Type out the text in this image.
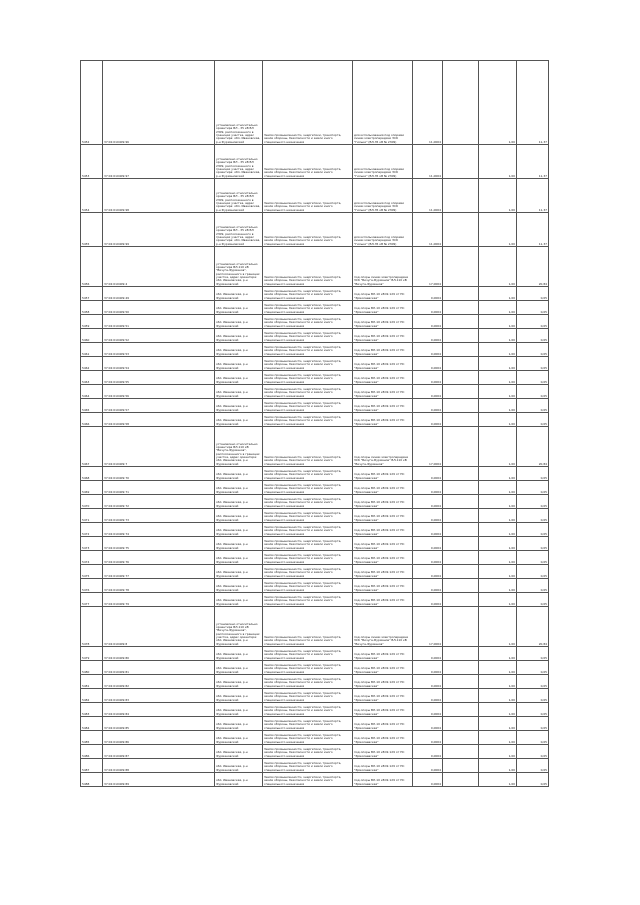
5452	37:02:010409:96	установлено относительно ориентира ВЛ - 35 кВ ВЛ 2309, расположенного в границах участка, адрес ориентира: обл. Ивановская, р-н Фурмановский	Земли промышленности, энергетики, транспорта, земли обороны, безопасности и земли иного специального назначения	для использования под опорами линии электропередачи ЗСК "Гильки" (ВЛ-35 кВ № 2309)	11,0004		1,00	11,37
5453	37:02:010409:97	установлено относительно ориентира ВЛ - 35 кВ ВЛ 2309, расположенного в границах участка, адрес ориентира: обл. Ивановская, р-н Фурмановский	Земли промышленности, энергетики, транспорта, земли обороны, безопасности и земли иного специального назначения	для использования под опорами линии электропередачи ЗСК "Гильки" (ВЛ-35 кВ № 2309)	11,0004		1,00	11,37
5454	37:02:010409:98	установлено относительно ориентира ВЛ - 35 кВ ВЛ 2309, расположенного в границах участка, адрес ориентира: обл. Ивановская, р-н Фурмановский	Земли промышленности, энергетики, транспорта, земли обороны, безопасности и земли иного специального назначения	для использования под опорами линии электропередачи ЗСК "Гильки" (ВЛ-35 кВ № 2309)	11,0004		1,00	11,37
5455	37:02:010409:99	установлено относительно ориентира ВЛ - 35 кВ ВЛ 2309, расположенного в границах участка, адрес ориентира: обл. Ивановская, р-н Фурмановский	Земли промышленности, энергетики, транспорта, земли обороны, безопасности и земли иного специального назначения	для использования под опорами линии электропередачи ЗСК "Гильки" (ВЛ-35 кВ № 2309)	11,0004		1,00	11,37
5456	37:02:010409:4	установлено относительно ориентира ВЛ-110 кВ "Вичуга-Фурманов", расположенного в границах участка, адрес ориентира: обл. Ивановская, р-н Фурмановский	Земли промышленности, энергетики, транспорта, земли обороны, безопасности и земли иного специального назначения	под опоры линии электропередачи ЗСК "Вичуга-Фурманов" ВЛ-110 кВ "Вичуга-Фурманов"	17,0004		1,00	20,84
5457	37:02:010409:49	обл. Ивановская, р-н Фурмановский	Земли промышленности, энергетики, транспорта, земли обороны, безопасности и земли иного специального назначения	под опоры ВЛ-10 кВ № 129 от ПС "Эрмолаевская"	0,0004		1,00	0,05
5458	37:02:010409:50	обл. Ивановская, р-н Фурмановский	Земли промышленности, энергетики, транспорта, земли обороны, безопасности и земли иного специального назначения	под опоры ВЛ-10 кВ № 129 от ПС "Эрмолаевская"	0,0004		1,00	0,05
5459	37:02:010409:51	обл. Ивановская, р-н Фурмановский	Земли промышленности, энергетики, транспорта, земли обороны, безопасности и земли иного специального назначения	под опоры ВЛ-10 кВ № 129 от ПС "Эрмолаевская"	0,0004		1,00	0,05
5460	37:02:010409:52	обл. Ивановская, р-н Фурмановский	Земли промышленности, энергетики, транспорта, земли обороны, безопасности и земли иного специального назначения	под опоры ВЛ-10 кВ № 129 от ПС "Эрмолаевская"	0,0004		1,00	0,05
5461	37:02:010409:53	обл. Ивановская, р-н Фурмановский	Земли промышленности, энергетики, транспорта, земли обороны, безопасности и земли иного специального назначения	под опоры ВЛ-10 кВ № 129 от ПС "Эрмолаевская"	0,0004		1,00	0,05
5462	37:02:010409:54	обл. Ивановская, р-н Фурмановский	Земли промышленности, энергетики, транспорта, земли обороны, безопасности и земли иного специального назначения	под опоры ВЛ-10 кВ № 129 от ПС "Эрмолаевская"	0,0004		1,00	0,05
5463	37:02:010409:55	обл. Ивановская, р-н Фурмановский	Земли промышленности, энергетики, транспорта, земли обороны, безопасности и земли иного специального назначения	под опоры ВЛ-10 кВ № 129 от ПС "Эрмолаевская"	0,0004		1,00	0,05
5464	37:02:010409:56	обл. Ивановская, р-н Фурмановский	Земли промышленности, энергетики, транспорта, земли обороны, безопасности и земли иного специального назначения	под опоры ВЛ-10 кВ № 129 от ПС "Эрмолаевская"	0,0004		1,00	0,05
5465	37:02:010409:57	обл. Ивановская, р-н Фурмановский	Земли промышленности, энергетики, транспорта, земли обороны, безопасности и земли иного специального назначения	под опоры ВЛ-10 кВ № 129 от ПС "Эрмолаевская"	0,0004		1,00	0,05
5466	37:02:010409:58	обл. Ивановская, р-н Фурмановский	Земли промышленности, энергетики, транспорта, земли обороны, безопасности и земли иного специального назначения	под опоры ВЛ-10 кВ № 129 от ПС "Эрмолаевская"	0,0004		1,00	0,05
5467	37:02:010409:7	установлено относительно ориентира ВЛ-110 кВ "Вичуга-Фурманов", расположенного в границах участка, адрес ориентира: обл. Ивановская, р-н Фурмановский	Земли промышленности, энергетики, транспорта, земли обороны, безопасности и земли иного специального назначения	под опоры линии электропередачи ЗСК "Вичуга-Фурманов" ВЛ-110 кВ "Вичуга-Фурманов"	17,0004		1,00	20,84
5468	37:02:010409:70	обл. Ивановская, р-н Фурмановский	Земли промышленности, энергетики, транспорта, земли обороны, безопасности и земли иного специального назначения	под опоры ВЛ-10 кВ № 129 от ПС "Эрмолаевская"	0,0004		1,00	0,05
5469	37:02:010409:71	обл. Ивановская, р-н Фурмановский	Земли промышленности, энергетики, транспорта, земли обороны, безопасности и земли иного специального назначения	под опоры ВЛ-10 кВ № 129 от ПС "Эрмолаевская"	0,0004		1,00	0,05
5470	37:02:010409:72	обл. Ивановская, р-н Фурмановский	Земли промышленности, энергетики, транспорта, земли обороны, безопасности и земли иного специального назначения	под опоры ВЛ-10 кВ № 129 от ПС "Эрмолаевская"	0,0004		1,00	0,05
5471	37:02:010409:73	обл. Ивановская, р-н Фурмановский	Земли промышленности, энергетики, транспорта, земли обороны, безопасности и земли иного специального назначения	под опоры ВЛ-10 кВ № 129 от ПС "Эрмолаевская"	0,0004		1,00	0,05
5472	37:02:010409:74	обл. Ивановская, р-н Фурмановский	Земли промышленности, энергетики, транспорта, земли обороны, безопасности и земли иного специального назначения	под опоры ВЛ-10 кВ № 129 от ПС "Эрмолаевская"	0,0004		1,00	0,05
5473	37:02:010409:75	обл. Ивановская, р-н Фурмановский	Земли промышленности, энергетики, транспорта, земли обороны, безопасности и земли иного специального назначения	под опоры ВЛ-10 кВ № 129 от ПС "Эрмолаевская"	0,0004		1,00	0,05
5474	37:02:010409:76	обл. Ивановская, р-н Фурмановский	Земли промышленности, энергетики, транспорта, земли обороны, безопасности и земли иного специального назначения	под опоры ВЛ-10 кВ № 129 от ПС "Эрмолаевская"	0,0004		1,00	0,05
5475	37:02:010409:77	обл. Ивановская, р-н Фурмановский	Земли промышленности, энергетики, транспорта, земли обороны, безопасности и земли иного специального назначения	под опоры ВЛ-10 кВ № 129 от ПС "Эрмолаевская"	0,0004		1,00	0,05
5476	37:02:010409:78	обл. Ивановская, р-н Фурмановский	Земли промышленности, энергетики, транспорта, земли обороны, безопасности и земли иного специального назначения	под опоры ВЛ-10 кВ № 129 от ПС "Эрмолаевская"	0,0004		1,00	0,05
5477	37:02:010409:79	обл. Ивановская, р-н Фурмановский	Земли промышленности, энергетики, транспорта, земли обороны, безопасности и земли иного специального назначения	под опоры ВЛ-10 кВ № 129 от ПС "Эрмолаевская"	0,0004		1,00	0,05
5478	37:02:010409:8	установлено относительно ориентира ВЛ-110 кВ "Вичуга-Фурманов", расположенного в границах участка, адрес ориентира: обл. Ивановская, р-н Фурмановский	Земли промышленности, энергетики, транспорта, земли обороны, безопасности и земли иного специального назначения	под опоры линии электропередачи ЗСК "Вичуга-Фурманов" ВЛ-110 кВ "Вичуга-Фурманов"	17,0004		1,00	20,84
5479	37:02:010409:80	обл. Ивановская, р-н Фурмановский	Земли промышленности, энергетики, транспорта, земли обороны, безопасности и земли иного специального назначения	под опоры ВЛ-10 кВ № 129 от ПС "Эрмолаевская"	0,0004		1,00	0,05
5480	37:02:010409:81	обл. Ивановская, р-н Фурмановский	Земли промышленности, энергетики, транспорта, земли обороны, безопасности и земли иного специального назначения	под опоры ВЛ-10 кВ № 129 от ПС "Эрмолаевская"	0,0004		1,00	0,05
5481	37:02:010409:82	обл. Ивановская, р-н Фурмановский	Земли промышленности, энергетики, транспорта, земли обороны, безопасности и земли иного специального назначения	под опоры ВЛ-10 кВ № 129 от ПС "Эрмолаевская"	0,0004		1,00	0,05
5482	37:02:010409:83	обл. Ивановская, р-н Фурмановский	Земли промышленности, энергетики, транспорта, земли обороны, безопасности и земли иного специального назначения	под опоры ВЛ-10 кВ № 129 от ПС "Эрмолаевская"	0,0004		1,00	0,05
5483	37:02:010409:84	обл. Ивановская, р-н Фурмановский	Земли промышленности, энергетики, транспорта, земли обороны, безопасности и земли иного специального назначения	под опоры ВЛ-10 кВ № 129 от ПС "Эрмолаевская"	0,0004		1,00	0,05
5484	37:02:010409:85	обл. Ивановская, р-н Фурмановский	Земли промышленности, энергетики, транспорта, земли обороны, безопасности и земли иного специального назначения	под опоры ВЛ-10 кВ № 129 от ПС "Эрмолаевская"	0,0004		1,00	0,05
5485	37:02:010409:86	обл. Ивановская, р-н Фурмановский	Земли промышленности, энергетики, транспорта, земли обороны, безопасности и земли иного специального назначения	под опоры ВЛ-10 кВ № 129 от ПС "Эрмолаевская"	0,0004		1,00	0,05
5486	37:02:010409:87	обл. Ивановская, р-н Фурмановский	Земли промышленности, энергетики, транспорта, земли обороны, безопасности и земли иного специального назначения	под опоры ВЛ-10 кВ № 129 от ПС "Эрмолаевская"	0,0004		1,00	0,05
5487	37:02:010409:88	обл. Ивановская, р-н Фурмановский	Земли промышленности, энергетики, транспорта, земли обороны, безопасности и земли иного специального назначения	под опоры ВЛ-10 кВ № 129 от ПС "Эрмолаевская"	0,0004		1,00	0,05
5488	37:02:010409:89	обл. Ивановская, р-н Фурмановский	Земли промышленности, энергетики, транспорта, земли обороны, безопасности и земли иного специального назначения	под опоры ВЛ-10 кВ № 129 от ПС "Эрмолаевская"	0,0004		1,00	0,05
